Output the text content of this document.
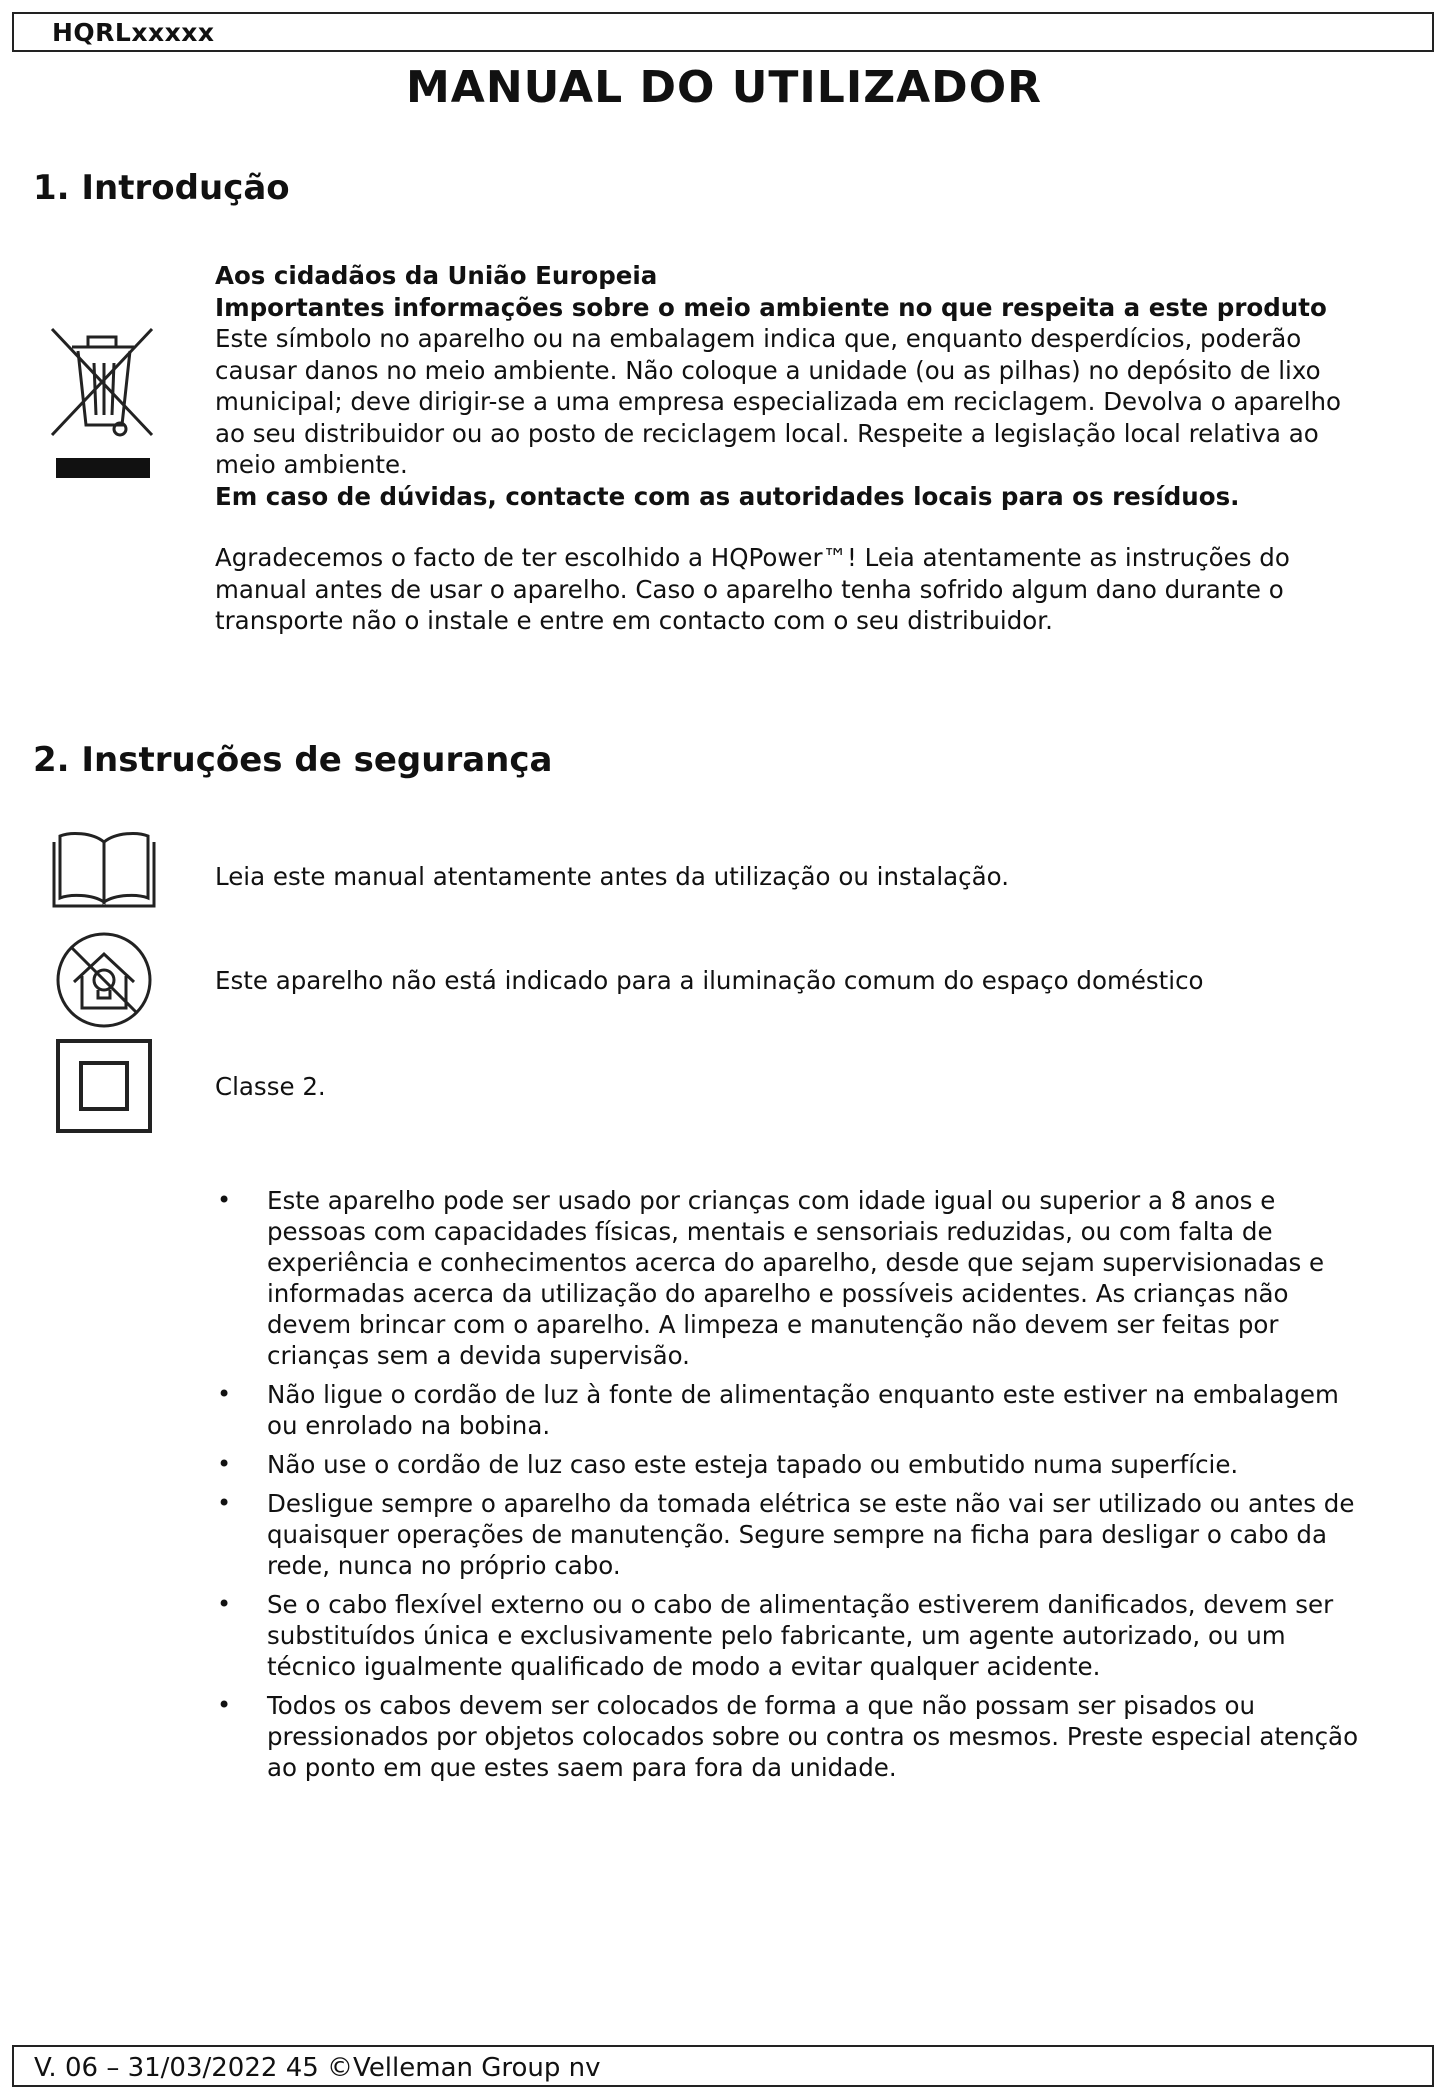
HQRLxxxxx
MANUAL DO UTILIZADOR
1. Introdução
Aos cidadãos da União Europeia
Importantes informações sobre o meio ambiente no que respeita a este produto
Este símbolo no aparelho ou na embalagem indica que, enquanto desperdícios, poderão causar danos no meio ambiente. Não coloque a unidade (ou as pilhas) no depósito de lixo municipal; deve dirigir-se a uma empresa especializada em reciclagem. Devolva o aparelho ao seu distribuidor ou ao posto de reciclagem local. Respeite a legislação local relativa ao meio ambiente.
Em caso de dúvidas, contacte com as autoridades locais para os resíduos.
Agradecemos o facto de ter escolhido a HQPower™! Leia atentamente as instruções do manual antes de usar o aparelho. Caso o aparelho tenha sofrido algum dano durante o transporte não o instale e entre em contacto com o seu distribuidor.
2. Instruções de segurança
Leia este manual atentamente antes da utilização ou instalação.
Este aparelho não está indicado para a iluminação comum do espaço doméstico
Classe 2.
• Este aparelho pode ser usado por crianças com idade igual ou superior a 8 anos e pessoas com capacidades físicas, mentais e sensoriais reduzidas, ou com falta de experiência e conhecimentos acerca do aparelho, desde que sejam supervisionadas e informadas acerca da utilização do aparelho e possíveis acidentes. As crianças não devem brincar com o aparelho. A limpeza e manutenção não devem ser feitas por crianças sem a devida supervisão.
• Não ligue o cordão de luz à fonte de alimentação enquanto este estiver na embalagem ou enrolado na bobina.
• Não use o cordão de luz caso este esteja tapado ou embutido numa superfície.
• Desligue sempre o aparelho da tomada elétrica se este não vai ser utilizado ou antes de quaisquer operações de manutenção. Segure sempre na ficha para desligar o cabo da rede, nunca no próprio cabo.
• Se o cabo flexível externo ou o cabo de alimentação estiverem danificados, devem ser substituídos única e exclusivamente pelo fabricante, um agente autorizado, ou um técnico igualmente qualificado de modo a evitar qualquer acidente.
• Todos os cabos devem ser colocados de forma a que não possam ser pisados ou pressionados por objetos colocados sobre ou contra os mesmos. Preste especial atenção ao ponto em que estes saem para fora da unidade.
V. 06 – 31/03/2022 45 ©Velleman Group nv
